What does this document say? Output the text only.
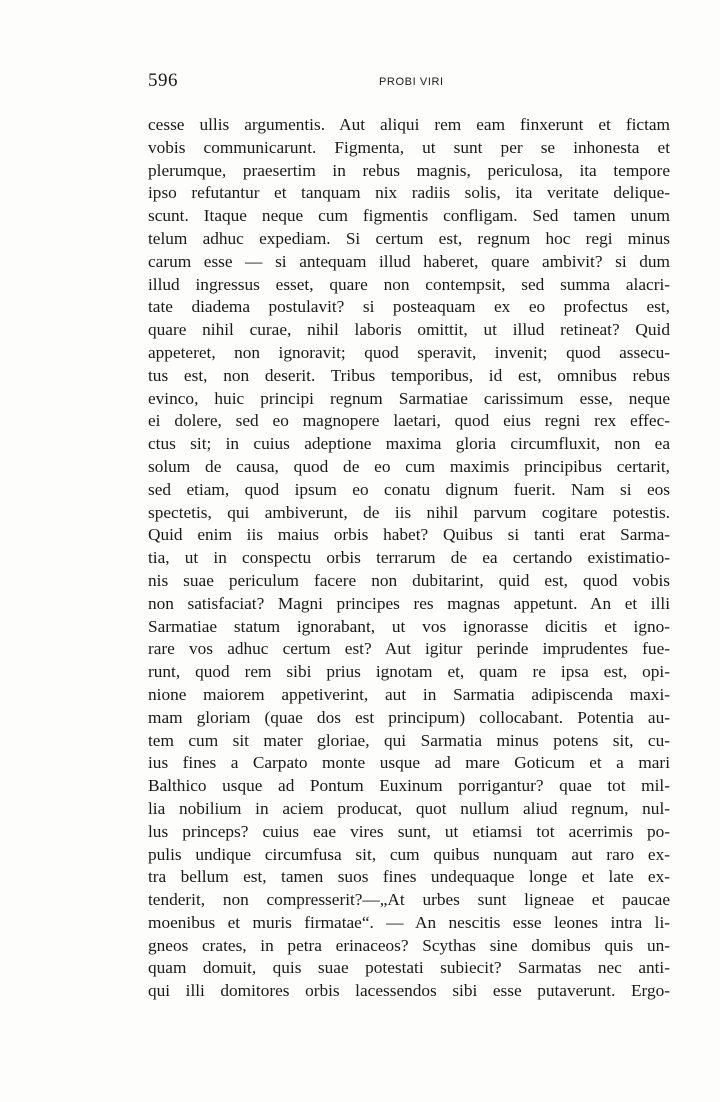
596	PROBI VIRI
cesse ullis argumentis. Aut aliqui rem eam finxerunt et fictam
vobis communicarunt. Figmenta, ut sunt per se inhonesta et
plerumque, praesertim in rebus magnis, periculosa, ita tempore
ipso refutantur et tanquam nix radiis solis, ita veritate delique-
scunt. Itaque neque cum figmentis confligam. Sed tamen unum
telum adhuc expediam. Si certum est, regnum hoc regi minus
carum esse — si antequam illud haberet, quare ambivit? si dum
illud ingressus esset, quare non contempsit, sed summa alacri-
tate diadema postulavit? si posteaquam ex eo profectus est,
quare nihil curae, nihil laboris omittit, ut illud retineat? Quid
appeteret, non ignoravit; quod speravit, invenit; quod assecu-
tus est, non deserit. Tribus temporibus, id est, omnibus rebus
evinco, huic principi regnum Sarmatiae carissimum esse, neque
ei dolere, sed eo magnopere laetari, quod eius regni rex effec-
ctus sit; in cuius adeptione maxima gloria circumfluxit, non ea
solum de causa, quod de eo cum maximis principibus certarit,
sed etiam, quod ipsum eo conatu dignum fuerit. Nam si eos
spectetis, qui ambiverunt, de iis nihil parvum cogitare potestis.
Quid enim iis maius orbis habet? Quibus si tanti erat Sarma-
tia, ut in conspectu orbis terrarum de ea certando existimatio-
nis suae periculum facere non dubitarint, quid est, quod vobis
non satisfaciat? Magni principes res magnas appetunt. An et illi
Sarmatiae statum ignorabant, ut vos ignorasse dicitis et igno-
rare vos adhuc certum est? Aut igitur perinde imprudentes fue-
runt, quod rem sibi prius ignotam et, quam re ipsa est, opi-
nione maiorem appetiverint, aut in Sarmatia adipiscenda maxi-
mam gloriam (quae dos est principum) collocabant. Potentia au-
tem cum sit mater gloriae, qui Sarmatia minus potens sit, cu-
ius fines a Carpato monte usque ad mare Goticum et a mari
Balthico usque ad Pontum Euxinum porrigantur? quae tot mil-
lia nobilium in aciem producat, quot nullum aliud regnum, nul-
lus princeps? cuius eae vires sunt, ut etiamsi tot acerrimis po-
pulis undique circumfusa sit, cum quibus nunquam aut raro ex-
tra bellum est, tamen suos fines undequaque longe et late ex-
tenderit, non compresserit?—„At urbes sunt ligneae et paucae
moenibus et muris firmatae“. — An nescitis esse leones intra li-
gneos crates, in petra erinaceos? Scythas sine domibus quis un-
quam domuit, quis suae potestati subiecit? Sarmatas nec anti-
qui illi domitores orbis lacessendos sibi esse putaverunt. Ergo-
